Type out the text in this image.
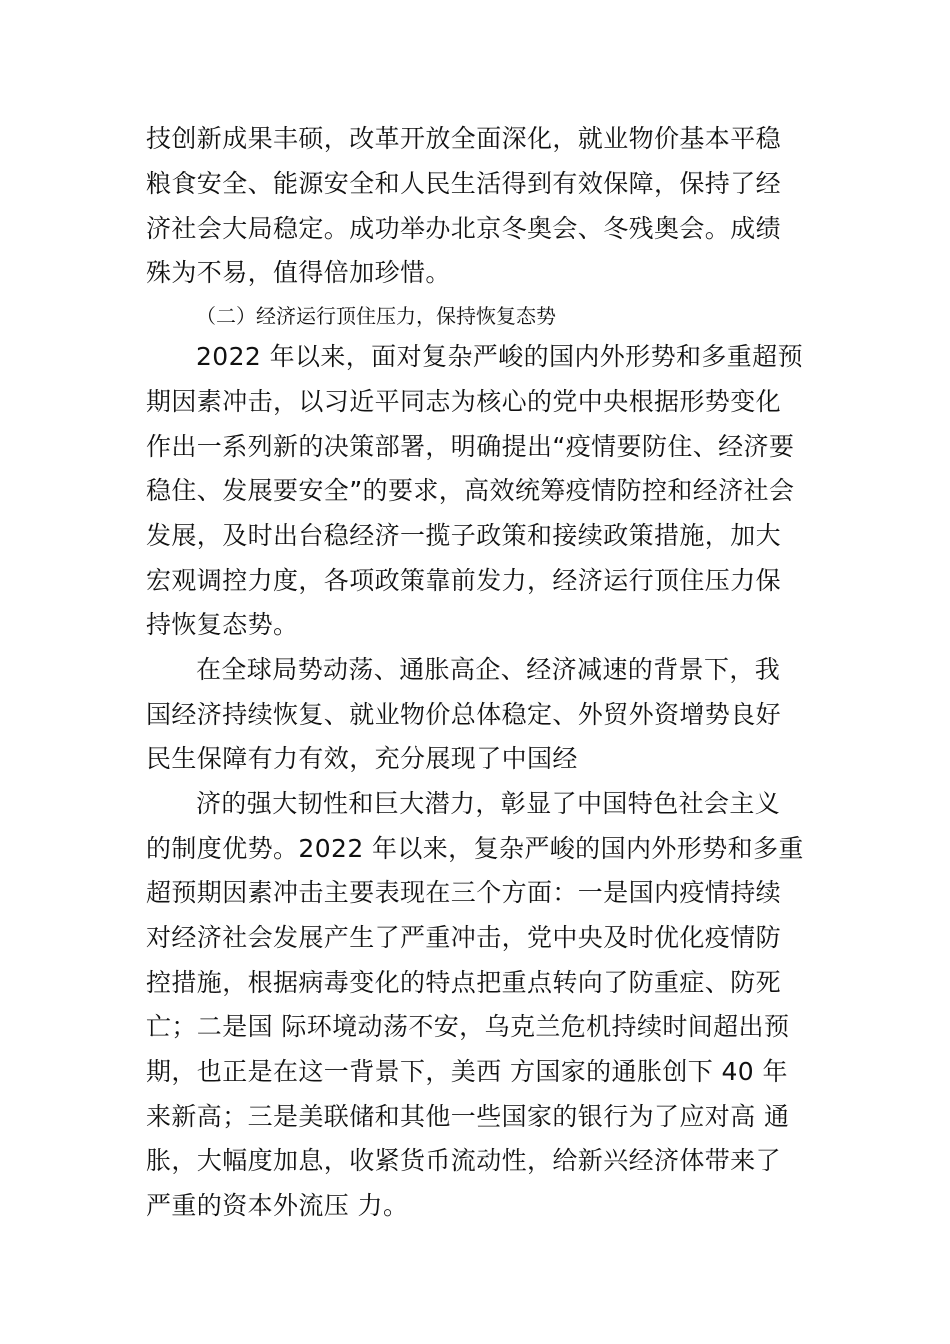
技创新成果丰硕，改革开放全面深化，就业物价基本平稳
粮食安全、能源安全和人民生活得到有效保障，保持了经
济社会大局稳定。成功举办北京冬奥会、冬残奥会。成绩
殊为不易，值得倍加珍惜。
（二）经济运行顶住压力，保持恢复态势
2022 年以来，面对复杂严峻的国内外形势和多重超预
期因素冲击，以习近平同志为核心的党中央根据形势变化
作出一系列新的决策部署，明确提出“疫情要防住、经济要
稳住、发展要安全”的要求，高效统筹疫情防控和经济社会
发展，及时出台稳经济一揽子政策和接续政策措施，加大
宏观调控力度，各项政策靠前发力，经济运行顶住压力保
持恢复态势。
在全球局势动荡、通胀高企、经济减速的背景下，我
国经济持续恢复、就业物价总体稳定、外贸外资增势良好
民生保障有力有效，充分展现了中国经
济的强大韧性和巨大潜力，彰显了中国特色社会主义
的制度优势。2022 年以来，复杂严峻的国内外形势和多重
超预期因素冲击主要表现在三个方面：一是国内疫情持续
对经济社会发展产生了严重冲击，党中央及时优化疫情防
控措施，根据病毒变化的特点把重点转向了防重症、防死
亡；二是国 际环境动荡不安，乌克兰危机持续时间超出预
期，也正是在这一背景下，美西 方国家的通胀创下 40 年
来新高；三是美联储和其他一些国家的银行为了应对高 通
胀，大幅度加息，收紧货币流动性，给新兴经济体带来了
严重的资本外流压 力。
